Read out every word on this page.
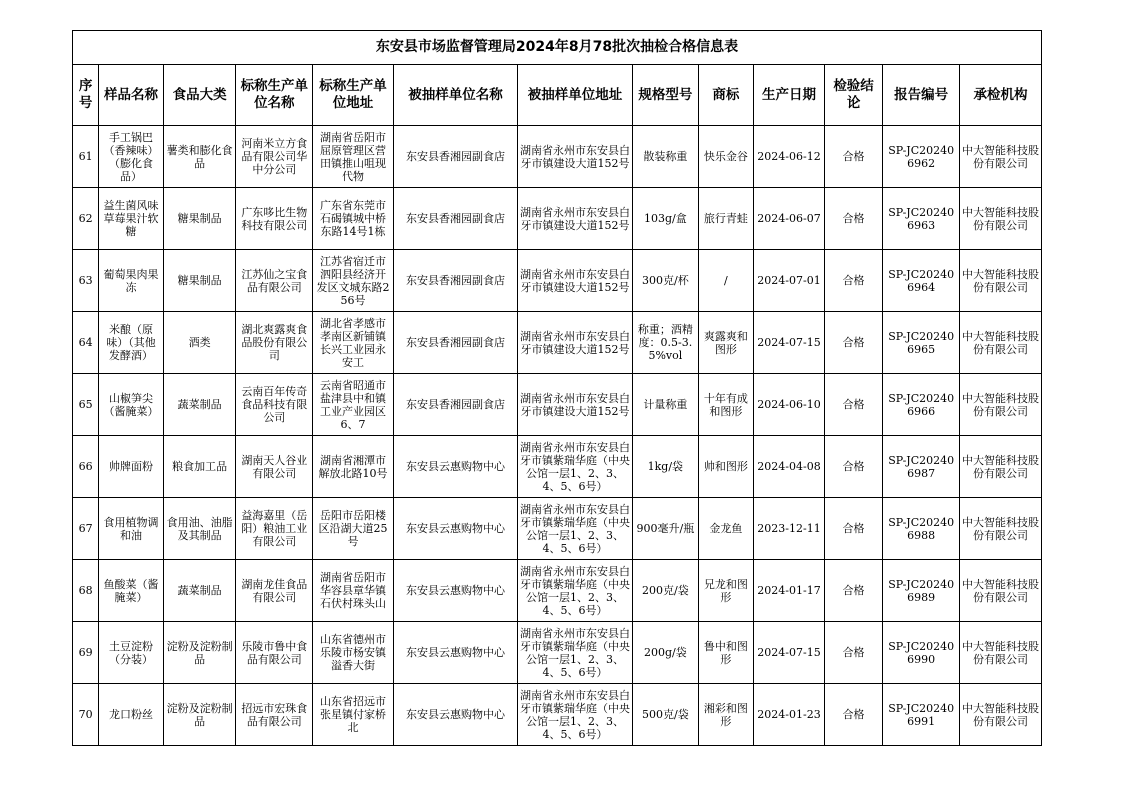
东安县市场监督管理局2024年8月78批次抽检合格信息表												
序号	样品名称	食品大类	标称生产单位名称	标称生产单位地址	被抽样单位名称	被抽样单位地址	规格型号	商标	生产日期	检验结论	报告编号	承检机构
61	手工锅巴（香辣味）（膨化食品）	薯类和膨化食品	河南米立方食品有限公司华中分公司	湖南省岳阳市屈原管理区营田镇推山咀现代物	东安县香湘园副食店	湖南省永州市东安县白牙市镇建设大道152号	散装称重	快乐金谷	2024-06-12	合格	SP-JC202406962	中大智能科技股份有限公司
62	益生菌风味草莓果汁软糖	糖果制品	广东哆比生物科技有限公司	广东省东莞市石碣镇城中桥东路14号1栋	东安县香湘园副食店	湖南省永州市东安县白牙市镇建设大道152号	103g/盒	旅行青蛙	2024-06-07	合格	SP-JC202406963	中大智能科技股份有限公司
63	葡萄果肉果冻	糖果制品	江苏仙之宝食品有限公司	江苏省宿迁市泗阳县经济开发区文城东路256号	东安县香湘园副食店	湖南省永州市东安县白牙市镇建设大道152号	300克/杯	/	2024-07-01	合格	SP-JC202406964	中大智能科技股份有限公司
64	米酿（原味）（其他发酵酒）	酒类	湖北爽露爽食品股份有限公司	湖北省孝感市孝南区新铺镇长兴工业园永安工	东安县香湘园副食店	湖南省永州市东安县白牙市镇建设大道152号	称重；酒精度：0.5-3.5%vol	爽露爽和图形	2024-07-15	合格	SP-JC202406965	中大智能科技股份有限公司
65	山椒笋尖（酱腌菜）	蔬菜制品	云南百年传奇食品科技有限公司	云南省昭通市盐津县中和镇工业产业园区6、7	东安县香湘园副食店	湖南省永州市东安县白牙市镇建设大道152号	计量称重	十年有成和图形	2024-06-10	合格	SP-JC202406966	中大智能科技股份有限公司
66	帅牌面粉	粮食加工品	湖南天人谷业有限公司	湖南省湘潭市解放北路10号	东安县云惠购物中心	湖南省永州市东安县白牙市镇紫瑞华庭（中央公馆一层1、2、3、4、5、6号）	1kg/袋	帅和图形	2024-04-08	合格	SP-JC202406987	中大智能科技股份有限公司
67	食用植物调和油	食用油、油脂及其制品	益海嘉里（岳阳）粮油工业有限公司	岳阳市岳阳楼区沿湖大道25号	东安县云惠购物中心	湖南省永州市东安县白牙市镇紫瑞华庭（中央公馆一层1、2、3、4、5、6号）	900毫升/瓶	金龙鱼	2023-12-11	合格	SP-JC202406988	中大智能科技股份有限公司
68	鱼酸菜（酱腌菜）	蔬菜制品	湖南龙佳食品有限公司	湖南省岳阳市华容县章华镇石伏村珠头山	东安县云惠购物中心	湖南省永州市东安县白牙市镇紫瑞华庭（中央公馆一层1、2、3、4、5、6号）	200克/袋	兄龙和图形	2024-01-17	合格	SP-JC202406989	中大智能科技股份有限公司
69	土豆淀粉（分装）	淀粉及淀粉制品	乐陵市鲁中食品有限公司	山东省德州市乐陵市杨安镇溢香大街	东安县云惠购物中心	湖南省永州市东安县白牙市镇紫瑞华庭（中央公馆一层1、2、3、4、5、6号）	200g/袋	鲁中和图形	2024-07-15	合格	SP-JC202406990	中大智能科技股份有限公司
70	龙口粉丝	淀粉及淀粉制品	招远市宏珠食品有限公司	山东省招远市张星镇付家桥北	东安县云惠购物中心	湖南省永州市东安县白牙市镇紫瑞华庭（中央公馆一层1、2、3、4、5、6号）	500克/袋	湘彩和图形	2024-01-23	合格	SP-JC202406991	中大智能科技股份有限公司
